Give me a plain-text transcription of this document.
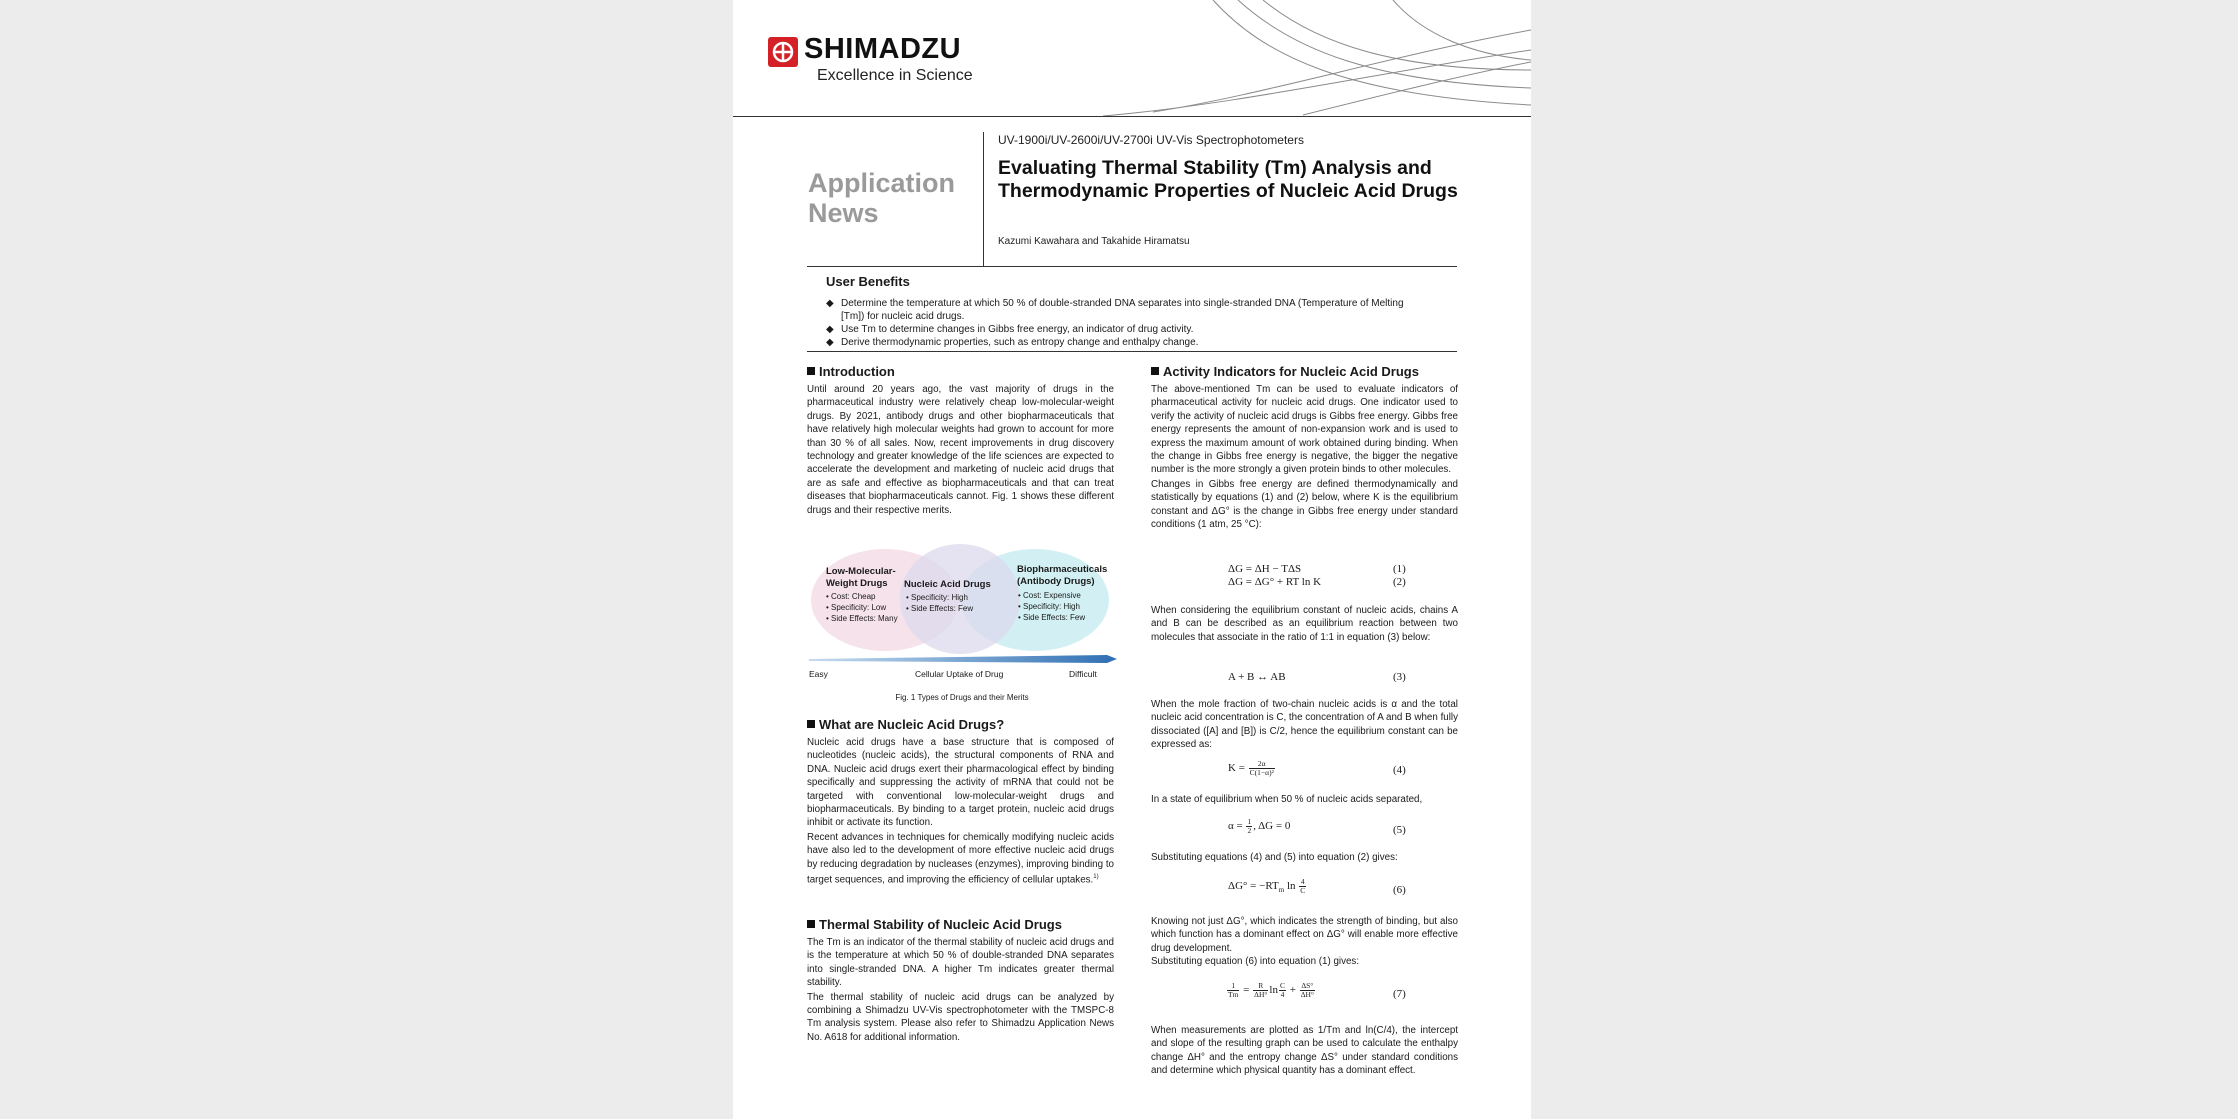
SHIMADZU
Excellence in Science
Application
News
UV-1900i/UV-2600i/UV-2700i UV-Vis Spectrophotometers
Evaluating Thermal Stability (Tm) Analysis and Thermodynamic Properties of Nucleic Acid Drugs
Kazumi Kawahara and Takahide Hiramatsu
User Benefits
◆ Determine the temperature at which 50 % of double-stranded DNA separates into single-stranded DNA (Temperature of Melting [Tm]) for nucleic acid drugs.
◆ Use Tm to determine changes in Gibbs free energy, an indicator of drug activity.
◆ Derive thermodynamic properties, such as entropy change and enthalpy change.
Introduction

Until around 20 years ago, the vast majority of drugs in the pharmaceutical industry were relatively cheap low-molecular-weight drugs. By 2021, antibody drugs and other biopharmaceuticals that have relatively high molecular weights had grown to account for more than 30 % of all sales. Now, recent improvements in drug discovery technology and greater knowledge of the life sciences are expected to accelerate the development and marketing of nucleic acid drugs that are as safe and effective as biopharmaceuticals and that can treat diseases that biopharmaceuticals cannot. Fig. 1 shows these different drugs and their respective merits.

Low-Molecular-
Weight Drugs
• Cost: Cheap
• Specificity: Low
• Side Effects: Many
Nucleic Acid Drugs
• Specificity: High
• Side Effects: Few
Biopharmaceuticals
(Antibody Drugs)
• Cost: Expensive
• Specificity: High
• Side Effects: Few
Easy	Cellular Uptake of Drug	Difficult
Fig. 1 Types of Drugs and their Merits
What are Nucleic Acid Drugs?

Nucleic acid drugs have a base structure that is composed of nucleotides (nucleic acids), the structural components of RNA and DNA. Nucleic acid drugs exert their pharmacological effect by binding specifically and suppressing the activity of mRNA that could not be targeted with conventional low-molecular-weight drugs and biopharmaceuticals. By binding to a target protein, nucleic acid drugs inhibit or activate its function.

Recent advances in techniques for chemically modifying nucleic acids have also led to the development of more effective nucleic acid drugs by reducing degradation by nucleases (enzymes), improving binding to target sequences, and improving the efficiency of cellular uptakes.$^{1)}$

Thermal Stability of Nucleic Acid Drugs

The Tm is an indicator of the thermal stability of nucleic acid drugs and is the temperature at which 50 % of double-stranded DNA separates into single-stranded DNA. A higher Tm indicates greater thermal stability.

The thermal stability of nucleic acid drugs can be analyzed by combining a Shimadzu UV-Vis spectrophotometer with the TMSPC-8 Tm analysis system. Please also refer to Shimadzu Application News No. A618 for additional information.

Activity Indicators for Nucleic Acid Drugs

The above-mentioned Tm can be used to evaluate indicators of pharmaceutical activity for nucleic acid drugs. One indicator used to verify the activity of nucleic acid drugs is Gibbs free energy. Gibbs free energy represents the amount of non-expansion work and is used to express the maximum amount of work obtained during binding. When the change in Gibbs free energy is negative, the bigger the negative number is the more strongly a given protein binds to other molecules.

Changes in Gibbs free energy are defined thermodynamically and statistically by equations (1) and (2) below, where K is the equilibrium constant and ΔG° is the change in Gibbs free energy under standard conditions (1 atm, 25 °C):

ΔG = ΔH − TΔS	(1)
ΔG = ΔG° + RT ln K	(2)

When considering the equilibrium constant of nucleic acids, chains A and B can be described as an equilibrium reaction between two molecules that associate in the ratio of 1:1 in equation (3) below:

A + B ↔ AB	(3)

When the mole fraction of two-chain nucleic acids is α and the total nucleic acid concentration is C, the concentration of A and B when fully dissociated ([A] and [B]) is C/2, hence the equilibrium constant can be expressed as:

$K = \frac{2\alpha}{\text{C(1−α)²}}$	(4)

In a state of equilibrium when 50 % of nucleic acids separated,

$\alpha = \frac{1}{2}$ , ΔG = 0	(5)

Substituting equations (4) and (5) into equation (2) gives:

$\Delta G^\circ = -RT_m$ $\ln \frac{4}{C}$	(6)

Knowing not just ΔG°, which indicates the strength of binding, but also which function has a dominant effect on ΔG° will enable more effective drug development.

Substituting equation (6) into equation (1) gives:

$\frac{1}{Tm} = \frac{R}{\Delta H^\circ}$ $\ln \frac{C}{4} + \frac{\Delta S^\circ}{\Delta H^\circ}$	(7)

When measurements are plotted as 1/Tm and ln(C/4), the intercept and slope of the resulting graph can be used to calculate the enthalpy change ΔH° and the entropy change ΔS° under standard conditions and determine which physical quantity has a dominant effect.
